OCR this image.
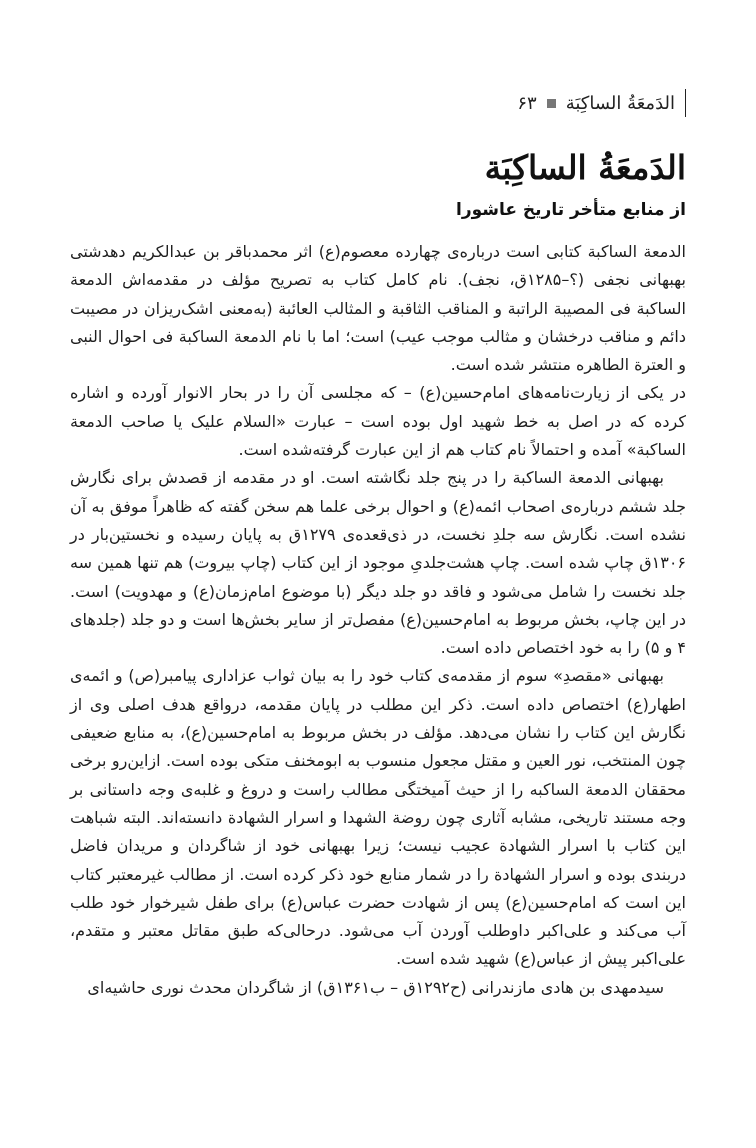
الدَمعَةُ الساکِبَة
۶۳
الدَمعَةُ الساکِبَة
از منابع متأخر تاریخ عاشورا

الدمعة الساکبة کتابی است درباره‌ی چهارده معصوم(ع) اثر محمدباقر بن عبدالکریم دهدشتی بهبهانی نجفی (؟–۱۲۸۵ق، نجف). نام کامل کتاب به تصریح مؤلف در مقدمه‌اش الدمعة الساکبة فی المصیبة الراتبة و المناقب الثاقبة و المثالب العائبة (به‌معنی اشک‌ریزان در مصیبت دائم و مناقب درخشان و مثالب موجب عیب) است؛ اما با نام الدمعة الساکبة فی احوال النبی و العترة الطاهره منتشر شده است.

در یکی از زیارت‌نامه‌های امام‌حسین(ع) – که مجلسی آن را در بحار الانوار آورده و اشاره کرده که در اصل به خط شهید اول بوده است – عبارت «السلام علیک یا صاحب الدمعة الساکبة» آمده و احتمالاً نام کتاب هم از این عبارت گرفته‌شده است.

بهبهانی الدمعة الساکبة را در پنج جلد نگاشته است. او در مقدمه از قصدش برای نگارش جلد ششم درباره‌ی اصحاب ائمه(ع) و احوال برخی علما هم سخن گفته که ظاهراً موفق به آن نشده است. نگارش سه جلدِ نخست، در ذی‌قعده‌ی ۱۲۷۹ق به پایان رسیده و نخستین‌بار در ۱۳۰۶ق چاپ شده است. چاپ هشت‌جلدیِ موجود از این کتاب (چاپ بیروت) هم تنها همین سه جلد نخست را شامل می‌شود و فاقد دو جلد دیگر (با موضوع امام‌زمان(ع) و مهدویت) است. در این چاپ، بخش مربوط به امام‌حسین(ع) مفصل‌تر از سایر بخش‌ها است و دو جلد (جلدهای ۴ و ۵) را به خود اختصاص داده است.

بهبهانی «مقصدِ» سوم از مقدمه‌ی کتاب خود را به بیان ثواب عزاداری پیامبر(ص) و ائمه‌ی اطهار(ع) اختصاص داده است. ذکر این مطلب در پایان مقدمه، درواقع هدف اصلی وی از نگارش این کتاب را نشان می‌دهد. مؤلف در بخش مربوط به امام‌حسین(ع)، به منابع ضعیفی چون المنتخب، نور العین و مقتل مجعول منسوب به ابومخنف متکی بوده است. ازاین‌رو برخی محققان الدمعة الساکبه را از حیث آمیختگی مطالب راست و دروغ و غلبه‌ی وجه داستانی بر وجه مستند تاریخی، مشابه آثاری چون روضة الشهدا و اسرار الشهادة دانسته‌اند. البته شباهت این کتاب با اسرار الشهادة عجیب نیست؛ زیرا بهبهانی خود از شاگردان و مریدان فاضل دربندی بوده و اسرار الشهادة را در شمار منابع خود ذکر کرده است. از مطالب غیرمعتبر کتاب این است که امام‌حسین(ع) پس از شهادت حضرت عباس(ع) برای طفل شیرخوار خود طلب آب می‌کند و علی‌اکبر داوطلب آوردن آب می‌شود. درحالی‌که طبق مقاتل معتبر و متقدم، علی‌اکبر پیش از عباس(ع) شهید شده است.

سیدمهدی بن هادی مازندرانی (ح۱۲۹۲ق – ب۱۳۶۱ق) از شاگردان محدث نوری حاشیه‌ای
